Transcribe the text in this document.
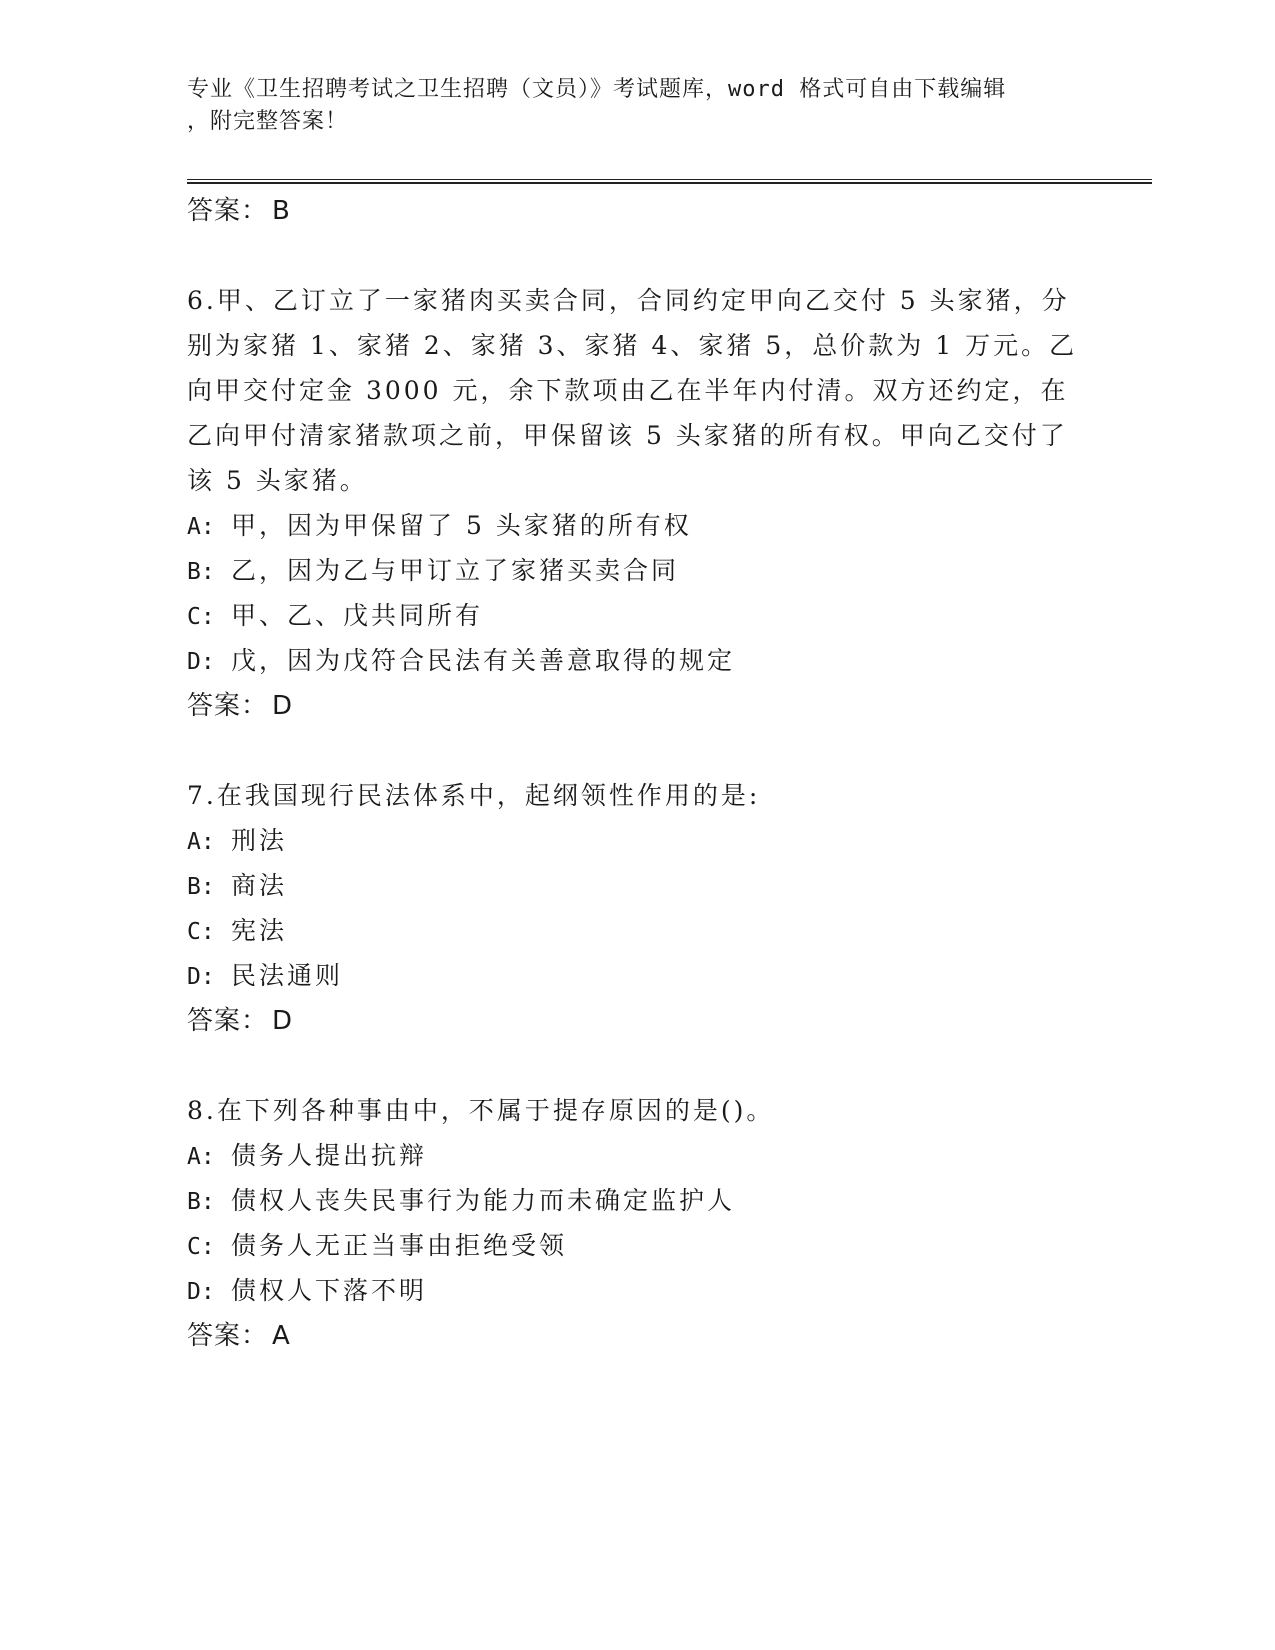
专业《卫生招聘考试之卫生招聘（文员）》考试题库，word 格式可自由下载编辑
，附完整答案！
答案： B
6.甲、乙订立了一家猪肉买卖合同，合同约定甲向乙交付 5 头家猪，分别为家猪 1、家猪 2、家猪 3、家猪 4、家猪 5，总价款为 1 万元。乙向甲交付定金 3000 元，余下款项由乙在半年内付清。双方还约定，在乙向甲付清家猪款项之前，甲保留该 5 头家猪的所有权。甲向乙交付了该 5 头家猪。
A: 甲，因为甲保留了 5 头家猪的所有权
B: 乙，因为乙与甲订立了家猪买卖合同
C: 甲、乙、戊共同所有
D: 戊，因为戊符合民法有关善意取得的规定
答案： D
7.在我国现行民法体系中，起纲领性作用的是:
A: 刑法
B: 商法
C: 宪法
D: 民法通则
答案： D
8.在下列各种事由中，不属于提存原因的是()。
A: 债务人提出抗辩
B: 债权人丧失民事行为能力而未确定监护人
C: 债务人无正当事由拒绝受领
D: 债权人下落不明
答案： A
